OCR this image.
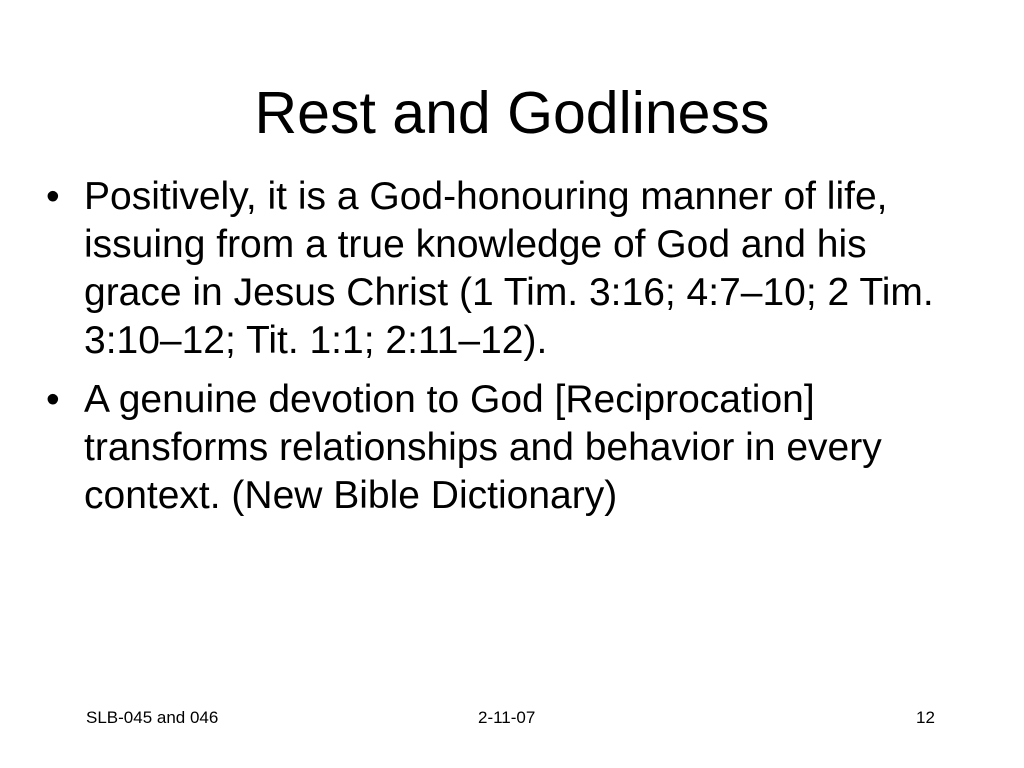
Rest and Godliness
• Positively, it is a God-honouring manner of life, issuing from a true knowledge of God and his grace in Jesus Christ (1 Tim. 3:16; 4:7–10; 2 Tim. 3:10–12; Tit. 1:1; 2:11–12).
• A genuine devotion to God [Reciprocation] transforms relationships and behavior in every context. (New Bible Dictionary)
SLB-045 and 046	2-11-07	12
